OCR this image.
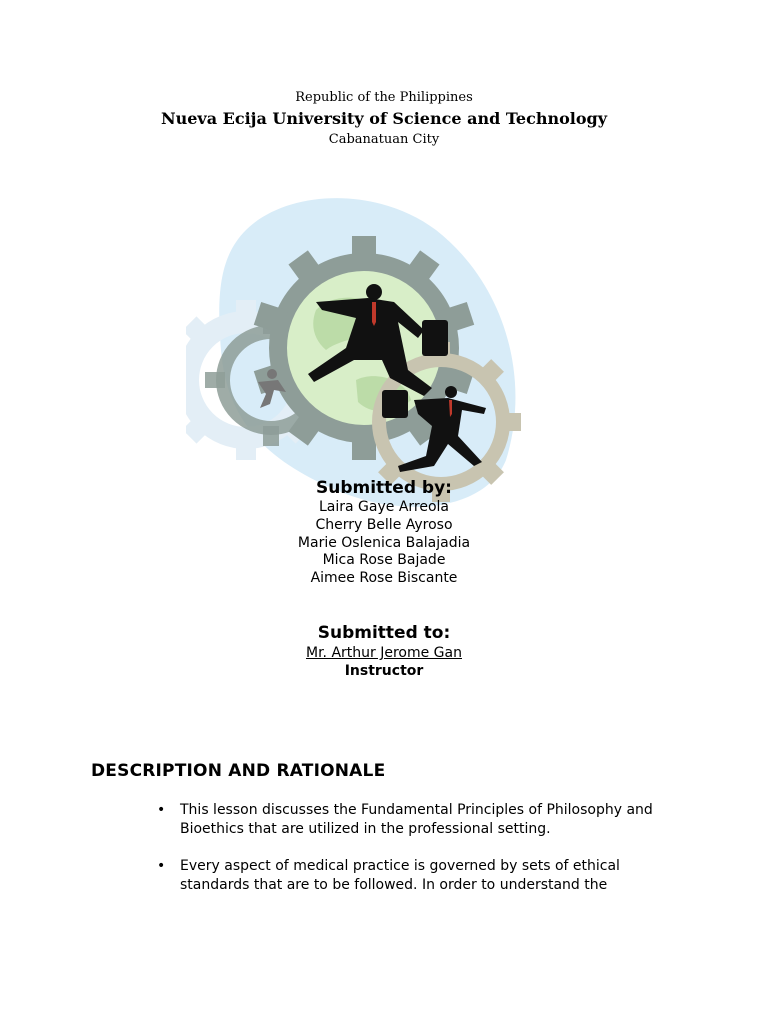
Republic of the Philippines
Nueva Ecija University of Science and Technology
Cabanatuan City
Submitted by:
Laira Gaye Arreola
Cherry Belle Ayroso
Marie Oslenica Balajadia
Mica Rose Bajade
Aimee Rose Biscante
Submitted to:
Mr. Arthur Jerome Gan
Instructor
DESCRIPTION AND RATIONALE
• This lesson discusses the Fundamental Principles of Philosophy and Bioethics that are utilized in the professional setting.
• Every aspect of medical practice is governed by sets of ethical standards that are to be followed. In order to understand the
